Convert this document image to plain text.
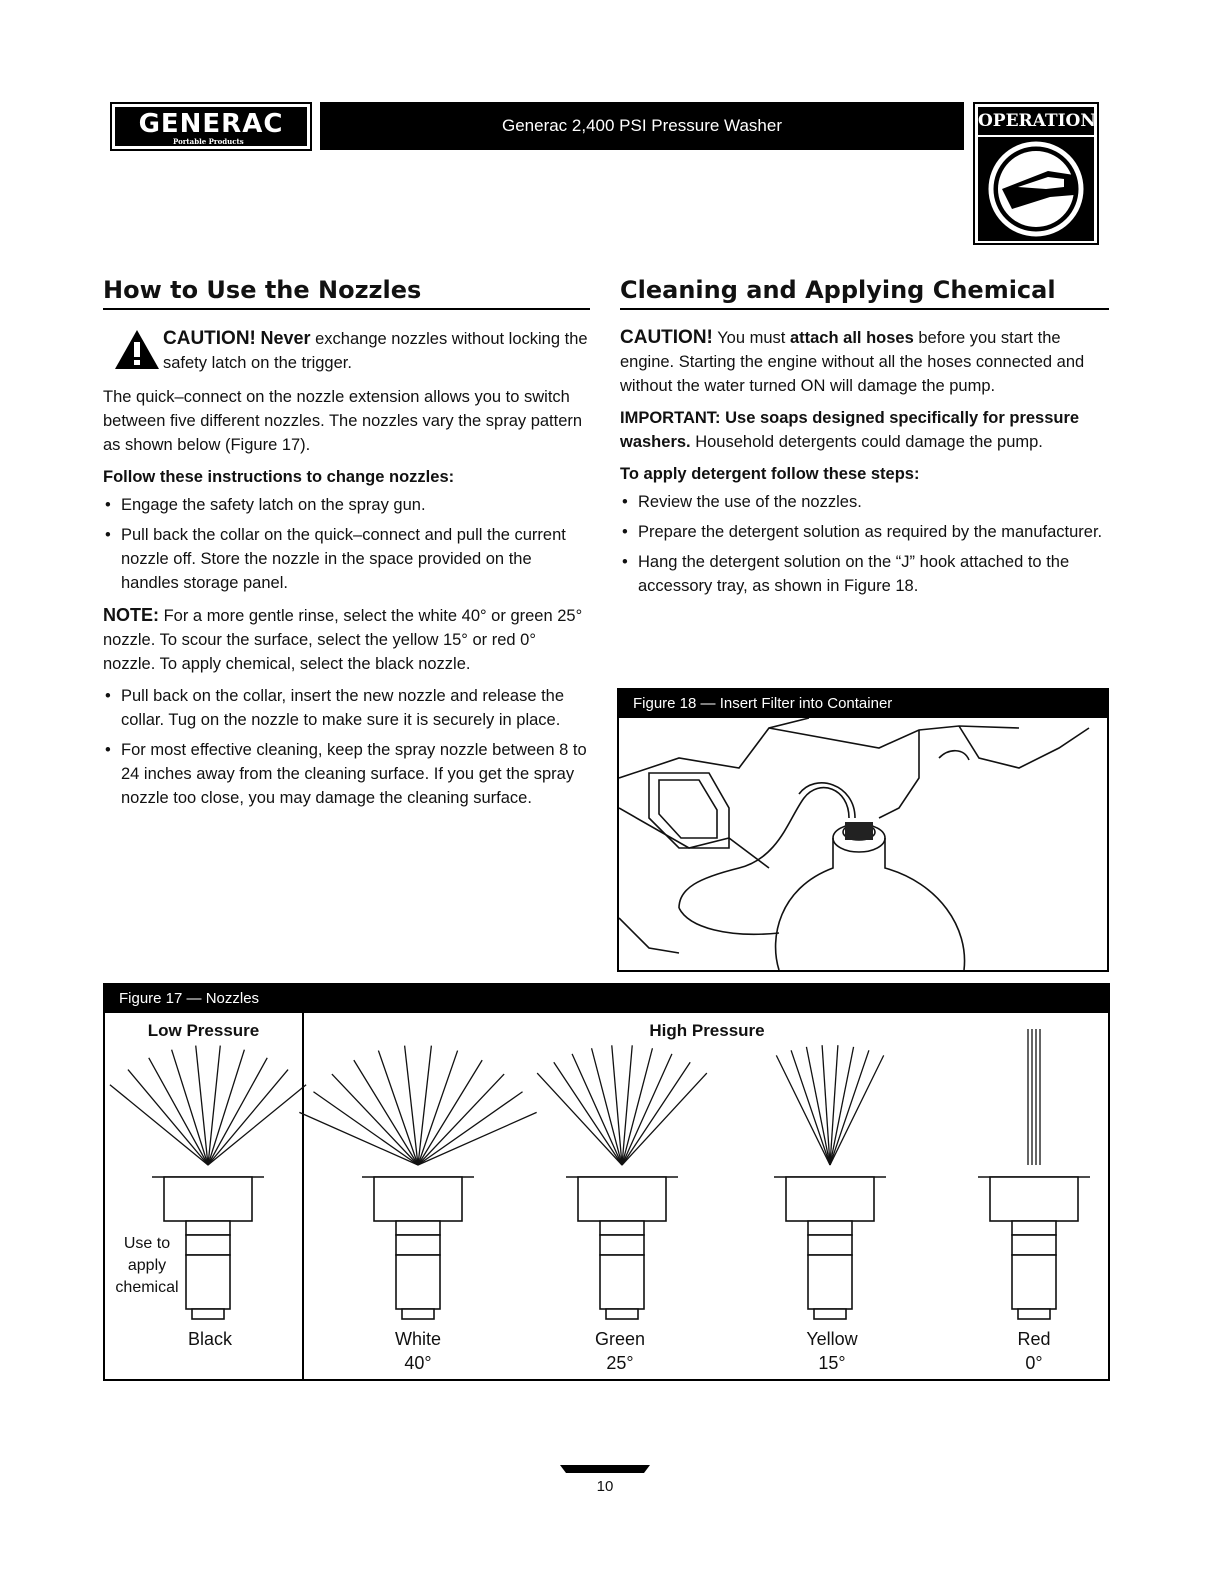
GENERAC
Portable Products
Generac 2,400 PSI Pressure Washer	OPERATION
How to Use the Nozzles

CAUTION! Never exchange nozzles without locking the safety latch on the trigger.

The quick–connect on the nozzle extension allows you to switch between five different nozzles. The nozzles vary the spray pattern as shown below (Figure 17).

Follow these instructions to change nozzles:

• Engage the safety latch on the spray gun.
• Pull back the collar on the quick–connect and pull the current nozzle off. Store the nozzle in the space provided on the handles storage panel.

NOTE: For a more gentle rinse, select the white 40° or green 25° nozzle. To scour the surface, select the yellow 15° or red 0° nozzle. To apply chemical, select the black nozzle.

• Pull back on the collar, insert the new nozzle and release the collar. Tug on the nozzle to make sure it is securely in place.
• For most effective cleaning, keep the spray nozzle between 8 to 24 inches away from the cleaning surface. If you get the spray nozzle too close, you may damage the cleaning surface.
Cleaning and Applying Chemical

CAUTION! You must attach all hoses before you start the engine. Starting the engine without all the hoses connected and without the water turned ON will damage the pump.

IMPORTANT: Use soaps designed specifically for pressure washers. Household detergents could damage the pump.

To apply detergent follow these steps:

• Review the use of the nozzles.
• Prepare the detergent solution as required by the manufacturer.
• Hang the detergent solution on the “J” hook attached to the accessory tray, as shown in Figure 18.
Figure 18 — Insert Filter into Container
Figure 17 — Nozzles
Low Pressure	High Pressure
Use to
apply
chemical
Black	White
40°
Green
25°
Yellow
15°
Red
0°
10
